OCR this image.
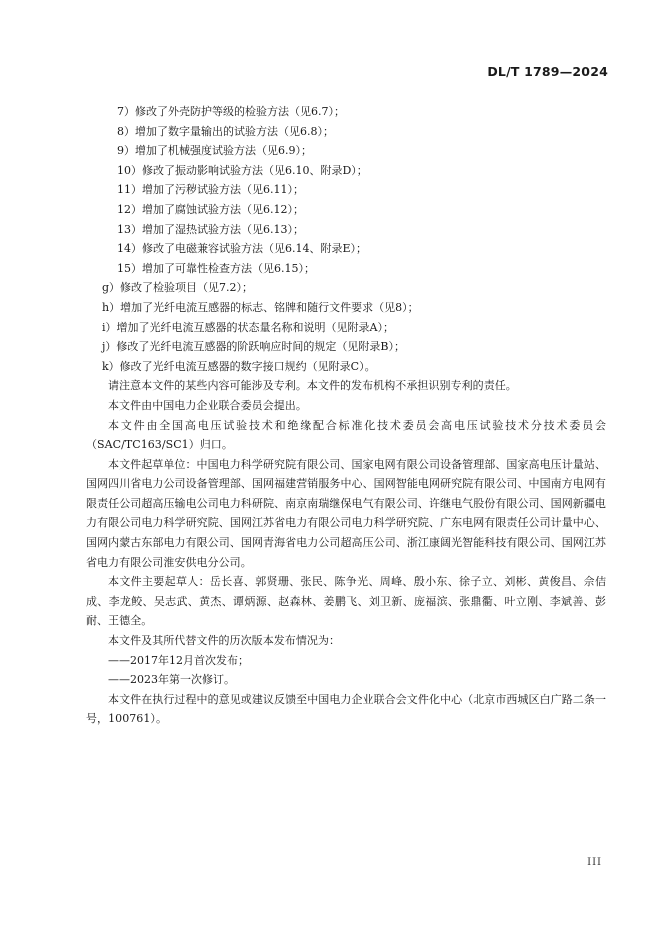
DL/T 1789—2024
7）修改了外壳防护等级的检验方法（见6.7）；
8）增加了数字量输出的试验方法（见6.8）；
9）增加了机械强度试验方法（见6.9）；
10）修改了振动影响试验方法（见6.10、附录D）；
11）增加了污秽试验方法（见6.11）；
12）增加了腐蚀试验方法（见6.12）；
13）增加了湿热试验方法（见6.13）；
14）修改了电磁兼容试验方法（见6.14、附录E）；
15）增加了可靠性检查方法（见6.15）；
g）修改了检验项目（见7.2）；
h）增加了光纤电流互感器的标志、铭牌和随行文件要求（见8）；
i）增加了光纤电流互感器的状态量名称和说明（见附录A）；
j）修改了光纤电流互感器的阶跃响应时间的规定（见附录B）；
k）修改了光纤电流互感器的数字接口规约（见附录C）。
请注意本文件的某些内容可能涉及专利。本文件的发布机构不承担识别专利的责任。
本文件由中国电力企业联合委员会提出。
本文件由全国高电压试验技术和绝缘配合标准化技术委员会高电压试验技术分技术委员会（SAC/TC163/SC1）归口。
本文件起草单位：中国电力科学研究院有限公司、国家电网有限公司设备管理部、国家高电压计量站、国网四川省电力公司设备管理部、国网福建营销服务中心、国网智能电网研究院有限公司、中国南方电网有限责任公司超高压输电公司电力科研院、南京南瑞继保电气有限公司、许继电气股份有限公司、国网新疆电力有限公司电力科学研究院、国网江苏省电力有限公司电力科学研究院、广东电网有限责任公司计量中心、国网内蒙古东部电力有限公司、国网青海省电力公司超高压公司、浙江康阔光智能科技有限公司、国网江苏省电力有限公司淮安供电分公司。
本文件主要起草人：岳长喜、郭贤珊、张民、陈争光、周峰、殷小东、徐子立、刘彬、黄俊昌、佘佶成、李龙鲛、吴志武、黄杰、谭炳源、赵森林、姜鹏飞、刘卫新、庞福滨、张鼎衢、叶立刚、李斌善、彭耐、王德全。
本文件及其所代替文件的历次版本发布情况为：
——2017年12月首次发布；
——2023年第一次修订。
本文件在执行过程中的意见或建议反馈至中国电力企业联合会文件化中心（北京市西城区白广路二条一号，100761）。
III
